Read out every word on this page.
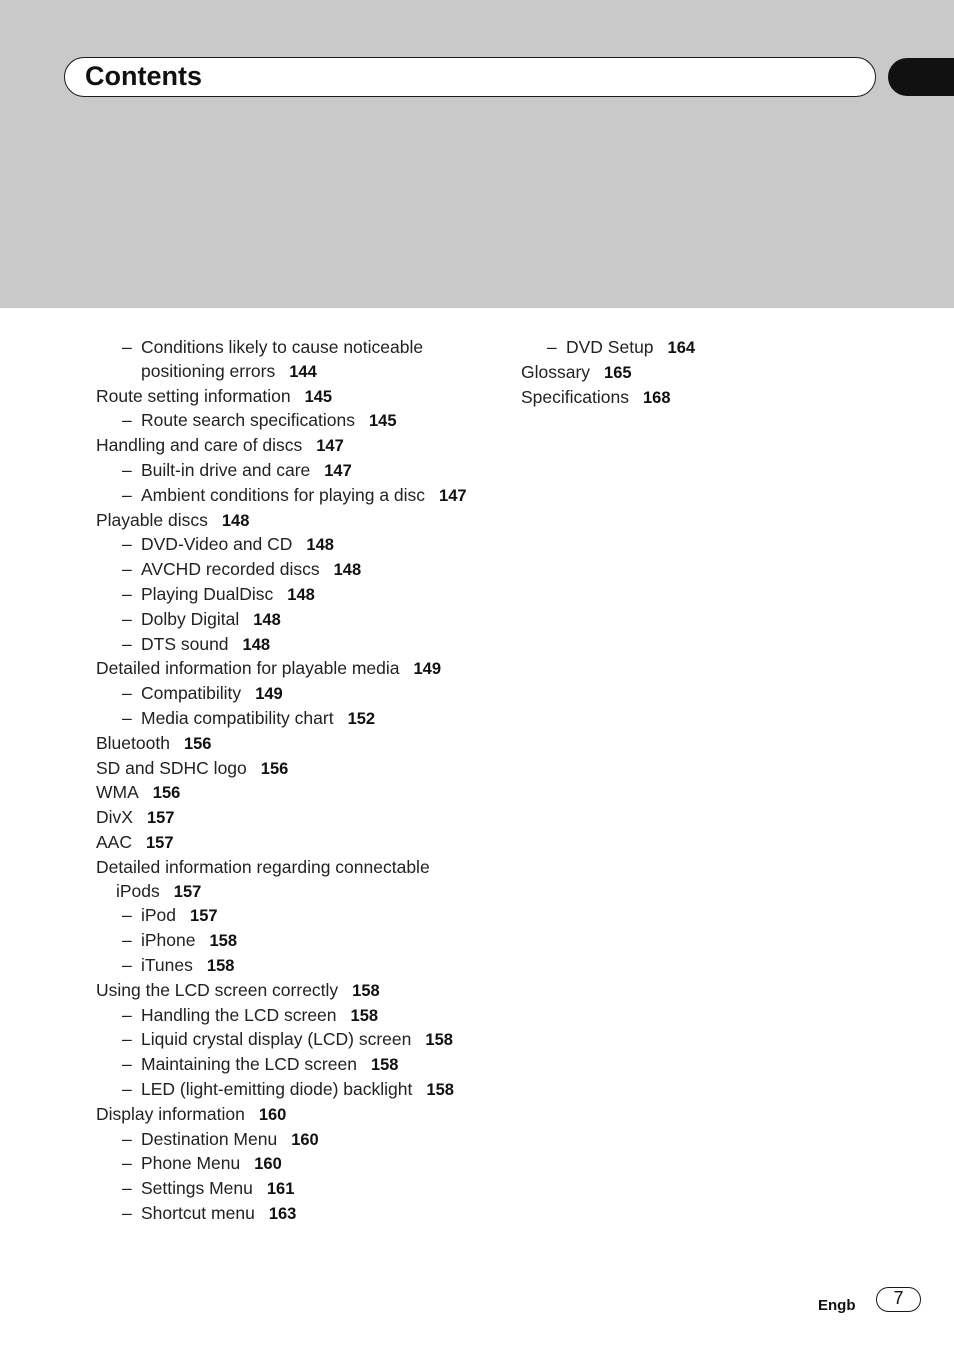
Contents
– Conditions likely to cause noticeable positioning errors 144
Route setting information 145
– Route search specifications 145
Handling and care of discs 147
– Built-in drive and care 147
– Ambient conditions for playing a disc 147
Playable discs 148
– DVD-Video and CD 148
– AVCHD recorded discs 148
– Playing DualDisc 148
– Dolby Digital 148
– DTS sound 148
Detailed information for playable media 149
– Compatibility 149
– Media compatibility chart 152
Bluetooth 156
SD and SDHC logo 156
WMA 156
DivX 157
AAC 157
Detailed information regarding connectable iPods 157
– iPod 157
– iPhone 158
– iTunes 158
Using the LCD screen correctly 158
– Handling the LCD screen 158
– Liquid crystal display (LCD) screen 158
– Maintaining the LCD screen 158
– LED (light-emitting diode) backlight 158
Display information 160
– Destination Menu 160
– Phone Menu 160
– Settings Menu 161
– Shortcut menu 163
– DVD Setup 164
Glossary 165
Specifications 168
Engb	7
